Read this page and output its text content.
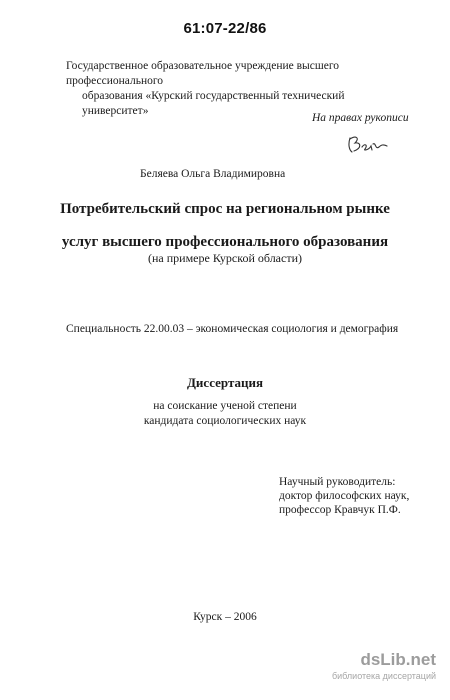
61:07-22/86
Государственное образовательное учреждение высшего профессионального
образования «Курский государственный технический университет»
На правах рукописи
Беляева Ольга Владимировна
Потребительский спрос на региональном рынке
услуг высшего профессионального образования
(на примере Курской области)
Специальность 22.00.03 – экономическая социология и демография
Диссертация
на соискание ученой степени
кандидата социологических наук
Научный руководитель:
доктор философских наук,
профессор Кравчук П.Ф.
Курск – 2006
dsLib.net
библиотека диссертаций
